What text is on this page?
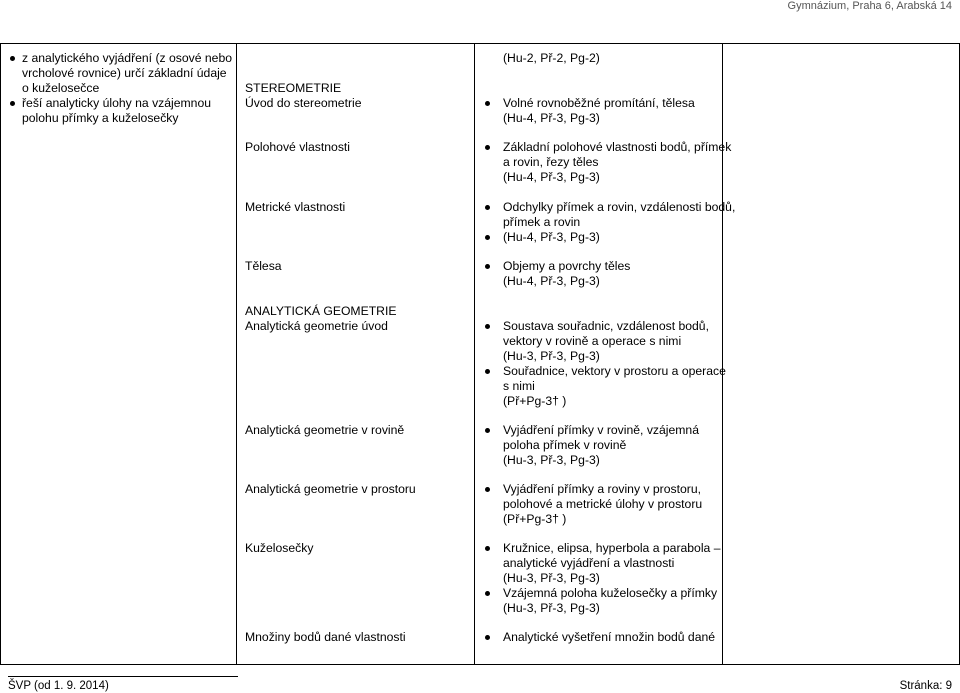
Gymnázium, Praha 6, Arabská 14
z analytického vyjádření (z osové nebo vrcholové rovnice) určí základní údaje o kuželosečce
řeší analyticky úlohy na vzájemnou polohu přímky a kuželosečky
STEREOMETRIE
Úvod do stereometrie
Polohové vlastnosti
Metrické vlastnosti
Tělesa
ANALYTICKÁ GEOMETRIE
Analytická geometrie úvod
Analytická geometrie v rovině
Analytická geometrie v prostoru
Kuželosečky
Množiny bodů dané vlastnosti
(Hu-2, Př-2, Pg-2)
Volné rovnoběžné promítání, tělesa
(Hu-4, Př-3, Pg-3)
Základní polohové vlastnosti bodů, přímek
a rovin, řezy těles
(Hu-4, Př-3, Pg-3)
Odchylky přímek a rovin, vzdálenosti bodů,
přímek a rovin
(Hu-4, Př-3, Pg-3)
Objemy a povrchy těles
(Hu-4, Př-3, Pg-3)
Soustava souřadnic, vzdálenost bodů,
vektory v rovině a operace s nimi
(Hu-3, Př-3, Pg-3)
Souřadnice, vektory v prostoru a operace
s nimi
(Př+Pg-3† )
Vyjádření přímky v rovině, vzájemná
poloha přímek v rovině
(Hu-3, Př-3, Pg-3)
Vyjádření přímky a roviny v prostoru,
polohové a metrické úlohy v prostoru
(Př+Pg-3† )
Kružnice, elipsa, hyperbola a parabola –
analytické vyjádření a vlastnosti
(Hu-3, Př-3, Pg-3)
Vzájemná poloha kuželosečky a přímky
(Hu-3, Př-3, Pg-3)
Analytické vyšetření množin bodů dané
ŠVP (od 1. 9. 2014)	Stránka: 9
